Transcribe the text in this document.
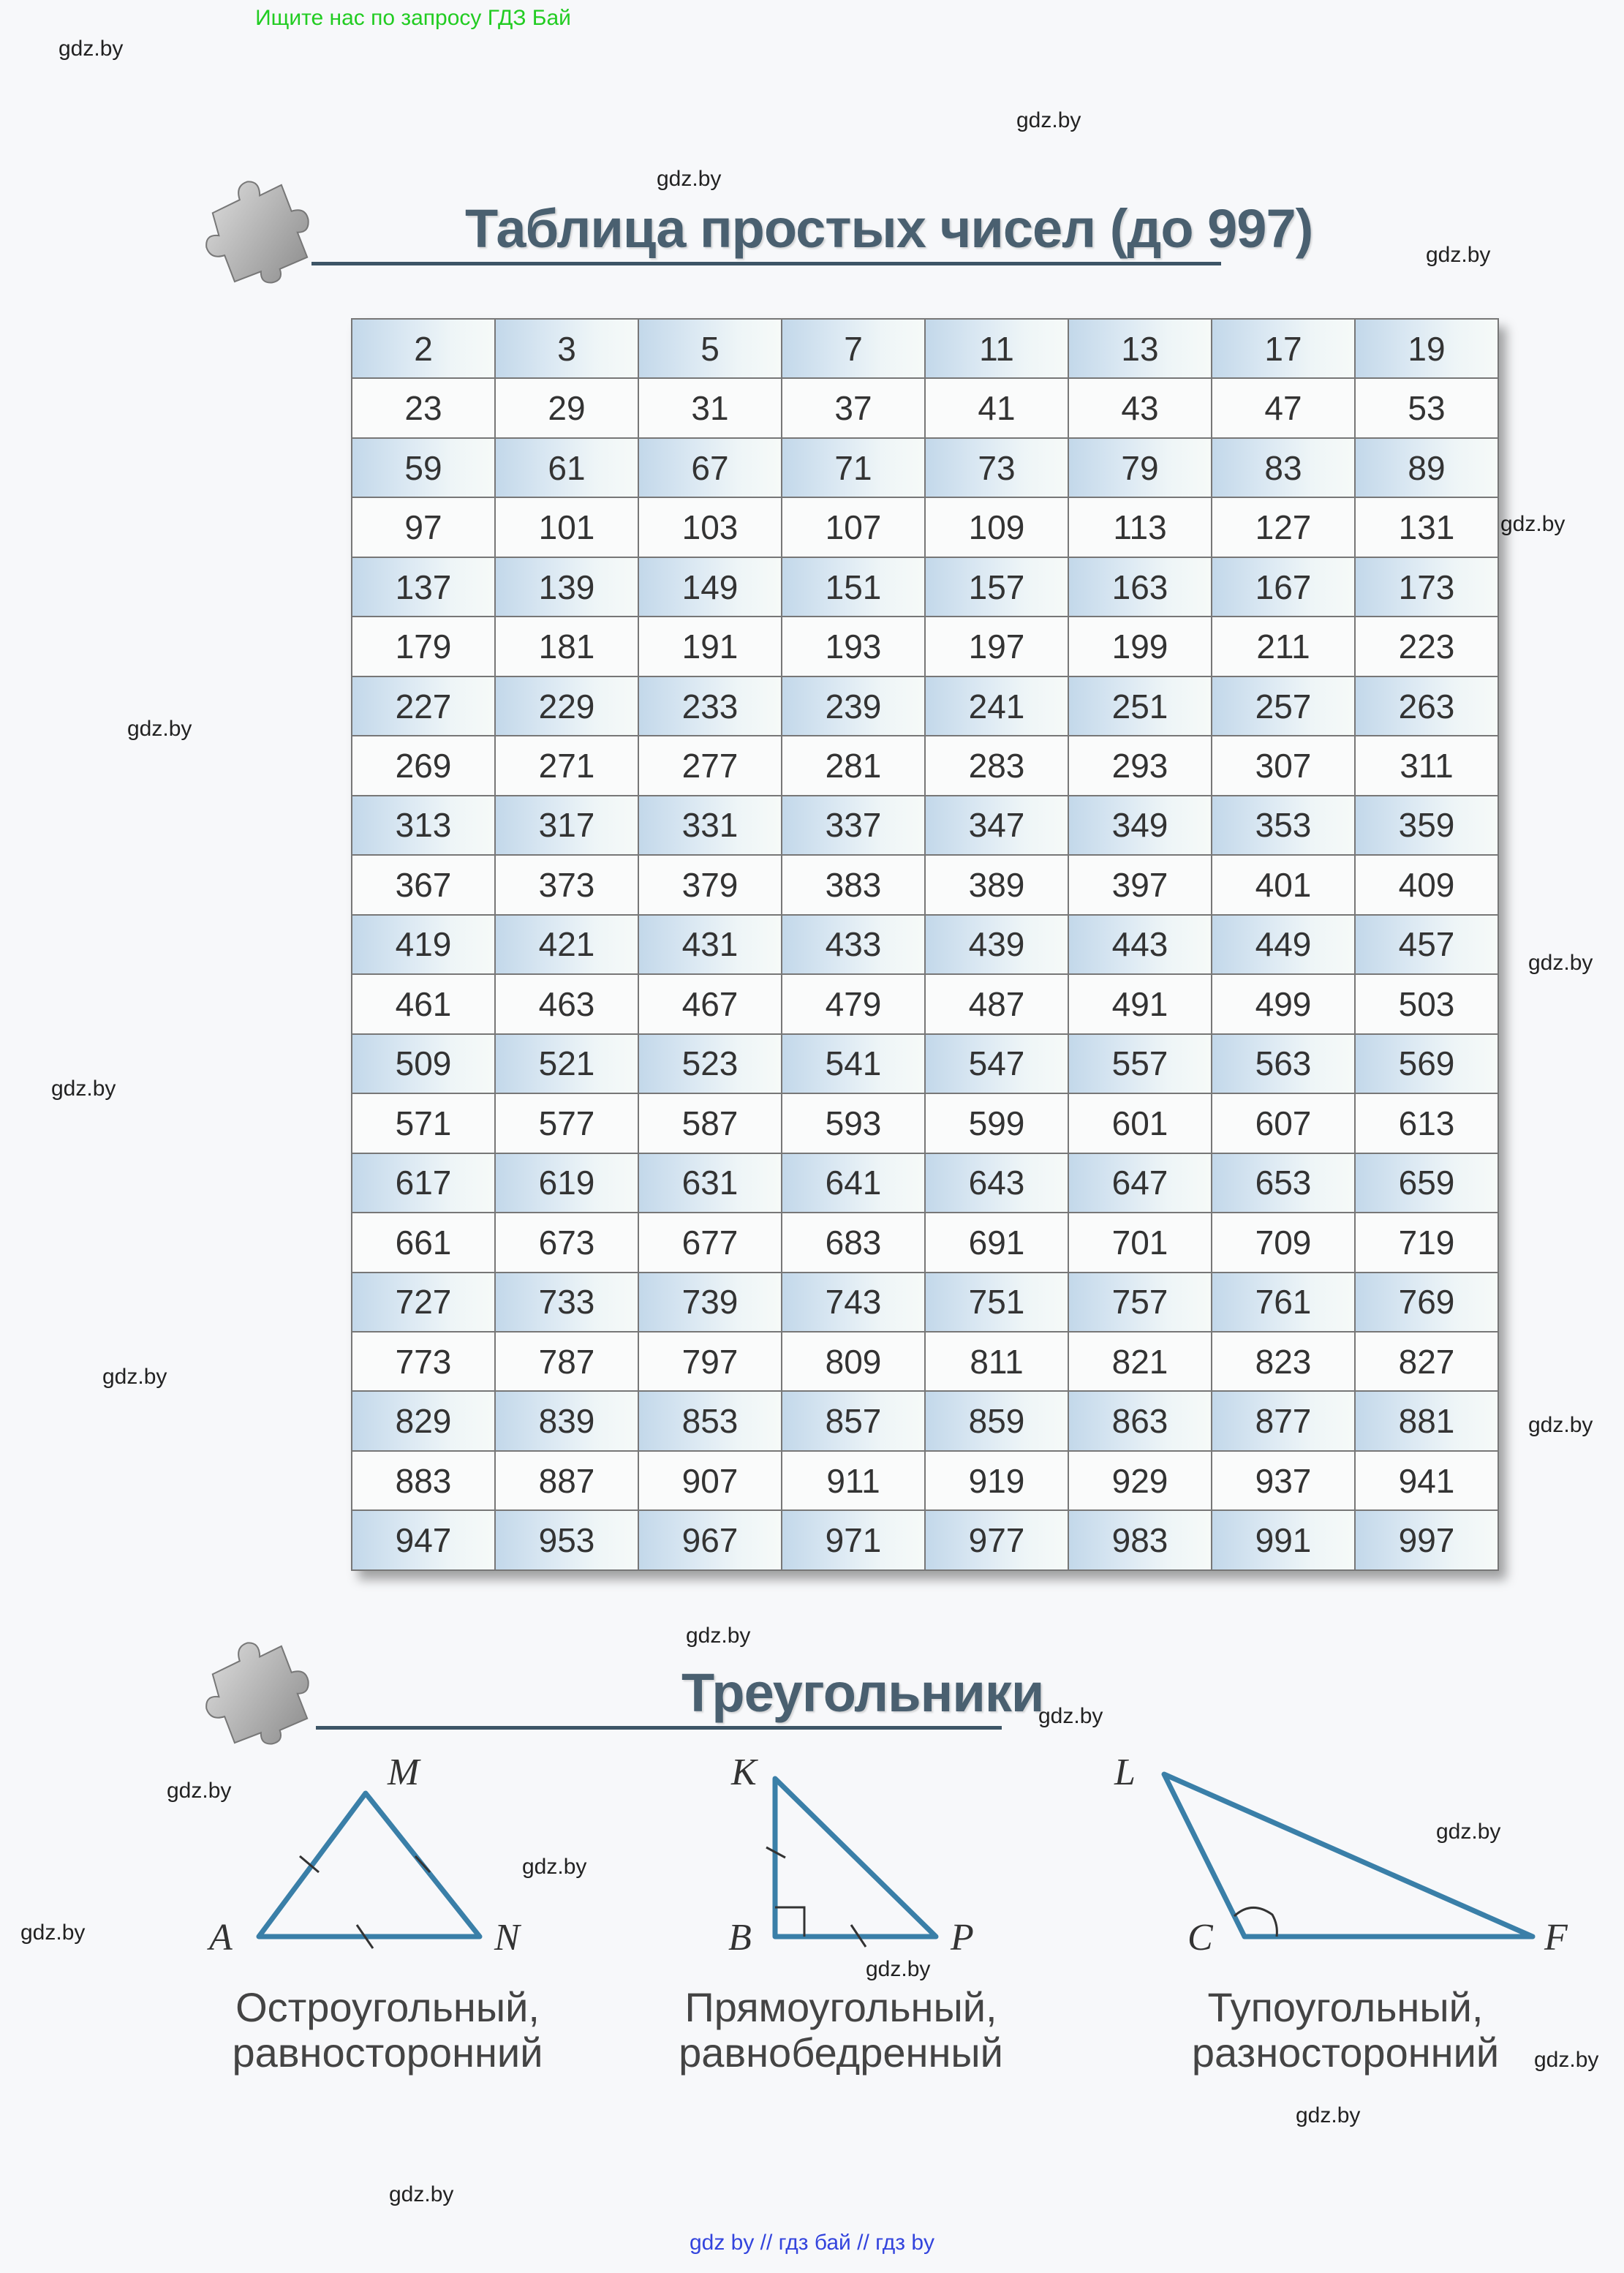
Ищите нас по запросу ГДЗ Бай
gdz.by
gdz.by
gdz.by
gdz.by
gdz.by
gdz.by
gdz.by
gdz.by
gdz.by
gdz.by
gdz.by
gdz.by
gdz.by
gdz.by
gdz.by
gdz.by
gdz.by
gdz.by
gdz.by
gdz.by
Таблица простых чисел (до 997)
2	3	5	7	11	13	17	19
23	29	31	37	41	43	47	53
59	61	67	71	73	79	83	89
97	101	103	107	109	113	127	131
137	139	149	151	157	163	167	173
179	181	191	193	197	199	211	223
227	229	233	239	241	251	257	263
269	271	277	281	283	293	307	311
313	317	331	337	347	349	353	359
367	373	379	383	389	397	401	409
419	421	431	433	439	443	449	457
461	463	467	479	487	491	499	503
509	521	523	541	547	557	563	569
571	577	587	593	599	601	607	613
617	619	631	641	643	647	653	659
661	673	677	683	691	701	709	719
727	733	739	743	751	757	761	769
773	787	797	809	811	821	823	827
829	839	853	857	859	863	877	881
883	887	907	911	919	929	937	941
947	953	967	971	977	983	991	997
Треугольники
M
A	N
K
B	P
L
C	F
Остроугольный,
равносторонний
Прямоугольный,
равнобедренный
Тупоугольный,
разносторонний
gdz by // гдз бай // гдз by
